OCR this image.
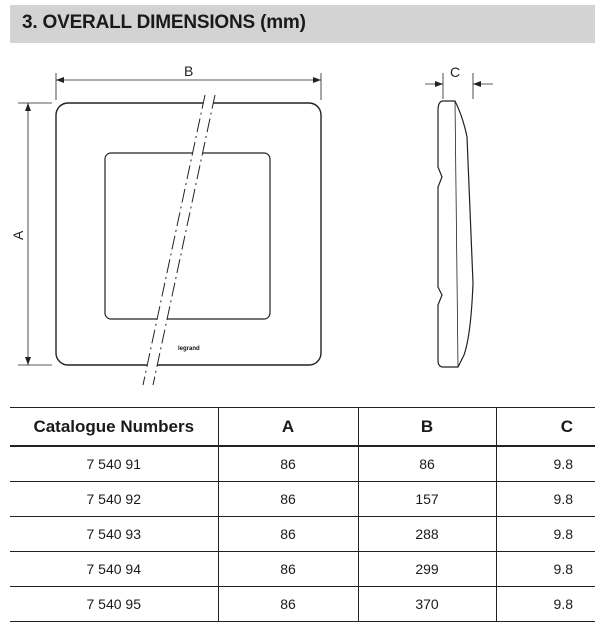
3. OVERALL DIMENSIONS (mm)
legrand
B
A
C
Catalogue Numbers	A	B	C
7 540 91	86	86	9.8
7 540 92	86	157	9.8
7 540 93	86	288	9.8
7 540 94	86	299	9.8
7 540 95	86	370	9.8
